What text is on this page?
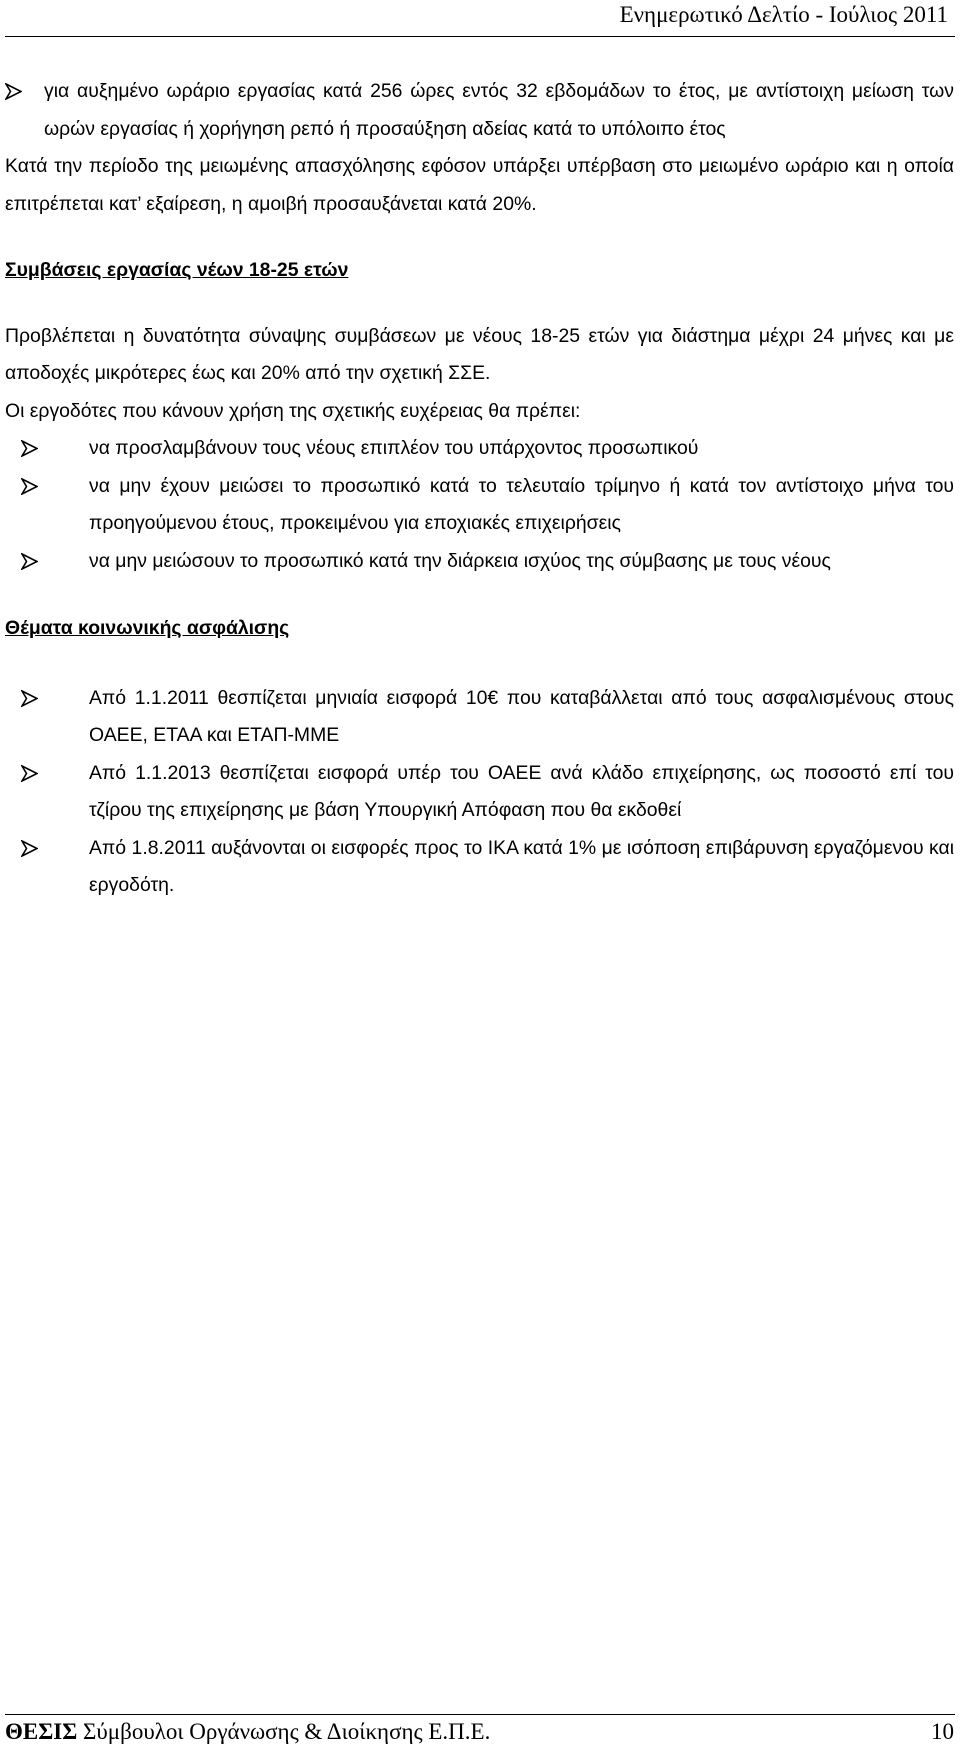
Ενημερωτικό Δελτίο - Ιούλιος 2011
για αυξημένο ωράριο εργασίας κατά 256 ώρες εντός 32 εβδομάδων το έτος, με αντίστοιχη μείωση των ωρών εργασίας ή χορήγηση ρεπό ή προσαύξηση αδείας κατά το υπόλοιπο έτος

Κατά την περίοδο της μειωμένης απασχόλησης εφόσον υπάρξει υπέρβαση στο μειωμένο ωράριο και η οποία επιτρέπεται κατ’ εξαίρεση, η αμοιβή προσαυξάνεται κατά 20%.

Συμβάσεις εργασίας νέων 18-25 ετών

Προβλέπεται η δυνατότητα σύναψης συμβάσεων με νέους 18-25 ετών για διάστημα μέχρι 24 μήνες και με αποδοχές μικρότερες έως και 20% από την σχετική ΣΣΕ.

Οι εργοδότες που κάνουν χρήση της σχετικής ευχέρειας θα πρέπει:

να προσλαμβάνουν τους νέους επιπλέον του υπάρχοντος προσωπικού
να μην έχουν μειώσει το προσωπικό κατά το τελευταίο τρίμηνο ή κατά τον αντίστοιχο μήνα του προηγούμενου έτους, προκειμένου για εποχιακές επιχειρήσεις
να μην μειώσουν το προσωπικό κατά την διάρκεια ισχύος της σύμβασης με τους νέους

Θέματα κοινωνικής ασφάλισης

Από 1.1.2011 θεσπίζεται μηνιαία εισφορά 10€ που καταβάλλεται από τους ασφαλισμένους στους ΟΑΕΕ, ΕΤΑΑ και ΕΤΑΠ-ΜΜΕ
Από 1.1.2013 θεσπίζεται εισφορά υπέρ του ΟΑΕΕ ανά κλάδο επιχείρησης, ως ποσοστό επί του τζίρου της επιχείρησης με βάση Υπουργική Απόφαση που θα εκδοθεί
Από 1.8.2011 αυξάνονται οι εισφορές προς το ΙΚΑ κατά 1% με ισόποση επιβάρυνση εργαζόμενου και εργοδότη.
ΘΕΣΙΣ Σύμβουλοι Οργάνωσης & Διοίκησης Ε.Π.Ε.	10
